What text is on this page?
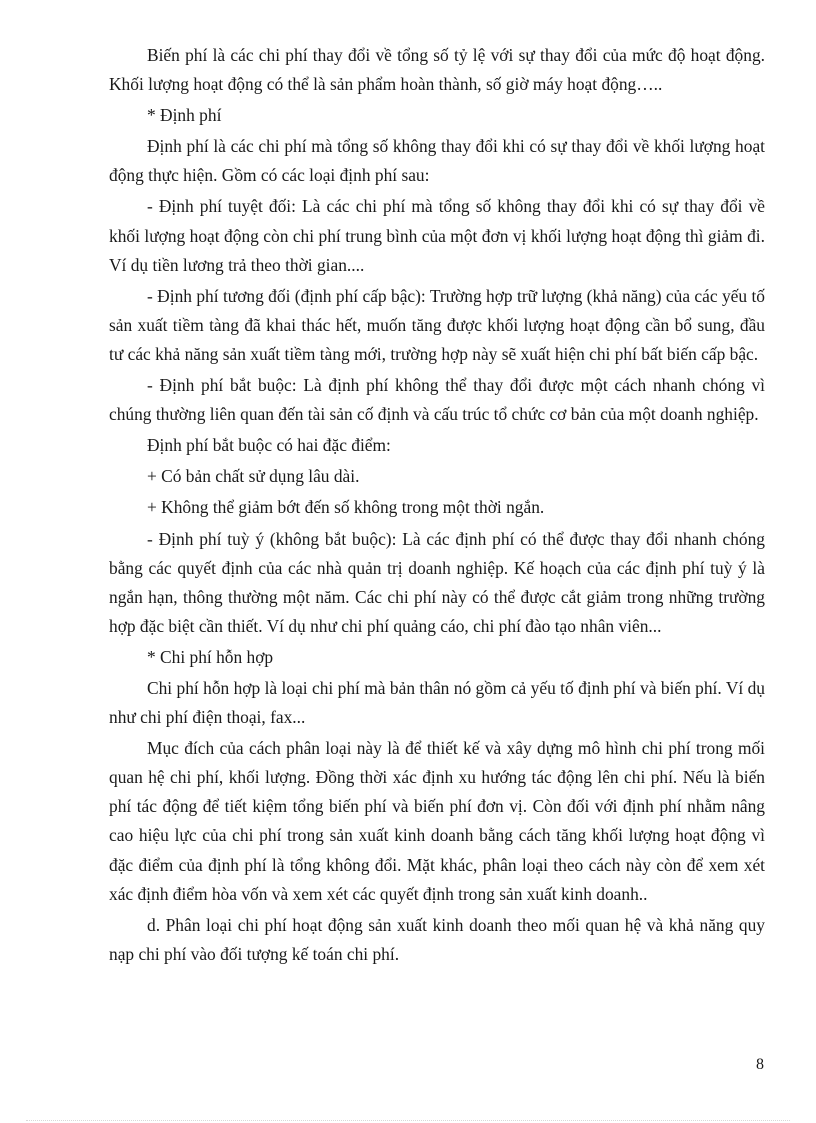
Biến phí là các chi phí thay đổi về tổng số tỷ lệ với sự thay đổi của mức độ hoạt động. Khối lượng hoạt động có thể là sản phẩm hoàn thành, số giờ máy hoạt động…..

* Định phí

Định phí là các chi phí mà tổng số không thay đổi khi có sự thay đổi về khối lượng hoạt động thực hiện. Gồm có các loại định phí sau:

- Định phí tuyệt đối: Là các chi phí mà tổng số không thay đổi khi có sự thay đổi về khối lượng hoạt động còn chi phí trung bình của một đơn vị khối lượng hoạt động thì giảm đi. Ví dụ tiền lương trả theo thời gian....

- Định phí tương đối (định phí cấp bậc): Trường hợp trữ lượng (khả năng) của các yếu tố sản xuất tiềm tàng đã khai thác hết, muốn tăng được khối lượng hoạt động cần bổ sung, đầu tư các khả năng sản xuất tiềm tàng mới, trường hợp này sẽ xuất hiện chi phí bất biến cấp bậc.

- Định phí bắt buộc: Là định phí không thể thay đổi được một cách nhanh chóng vì chúng thường liên quan đến tài sản cố định và cấu trúc tổ chức cơ bản của một doanh nghiệp.

Định phí bắt buộc có hai đặc điểm:

+ Có bản chất sử dụng lâu dài.

+ Không thể giảm bớt đến số không trong một thời ngắn.

- Định phí tuỳ ý (không bắt buộc): Là các định phí có thể được thay đổi nhanh chóng bằng các quyết định của các nhà quản trị doanh nghiệp. Kế hoạch của các định phí tuỳ ý là ngắn hạn, thông thường một năm. Các chi phí này có thể được cắt giảm trong những trường hợp đặc biệt cần thiết. Ví dụ như chi phí quảng cáo, chi phí đào tạo nhân viên...

* Chi phí hỗn hợp

Chi phí hỗn hợp là loại chi phí mà bản thân nó gồm cả yếu tố định phí và biến phí. Ví dụ như chi phí điện thoại, fax...

Mục đích của cách phân loại này là để thiết kế và xây dựng mô hình chi phí trong mối quan hệ chi phí, khối lượng. Đồng thời xác định xu hướng tác động lên chi phí. Nếu là biến phí tác động để tiết kiệm tổng biến phí và biến phí đơn vị. Còn đối với định phí nhằm nâng cao hiệu lực của chi phí trong sản xuất kinh doanh bằng cách tăng khối lượng hoạt động vì đặc điểm của định phí là tổng không đổi. Mặt khác, phân loại theo cách này còn để xem xét xác định điểm hòa vốn và xem xét các quyết định trong sản xuất kinh doanh..

d. Phân loại chi phí hoạt động sản xuất kinh doanh theo mối quan hệ và khả năng quy nạp chi phí vào đối tượng kế toán chi phí.

8
